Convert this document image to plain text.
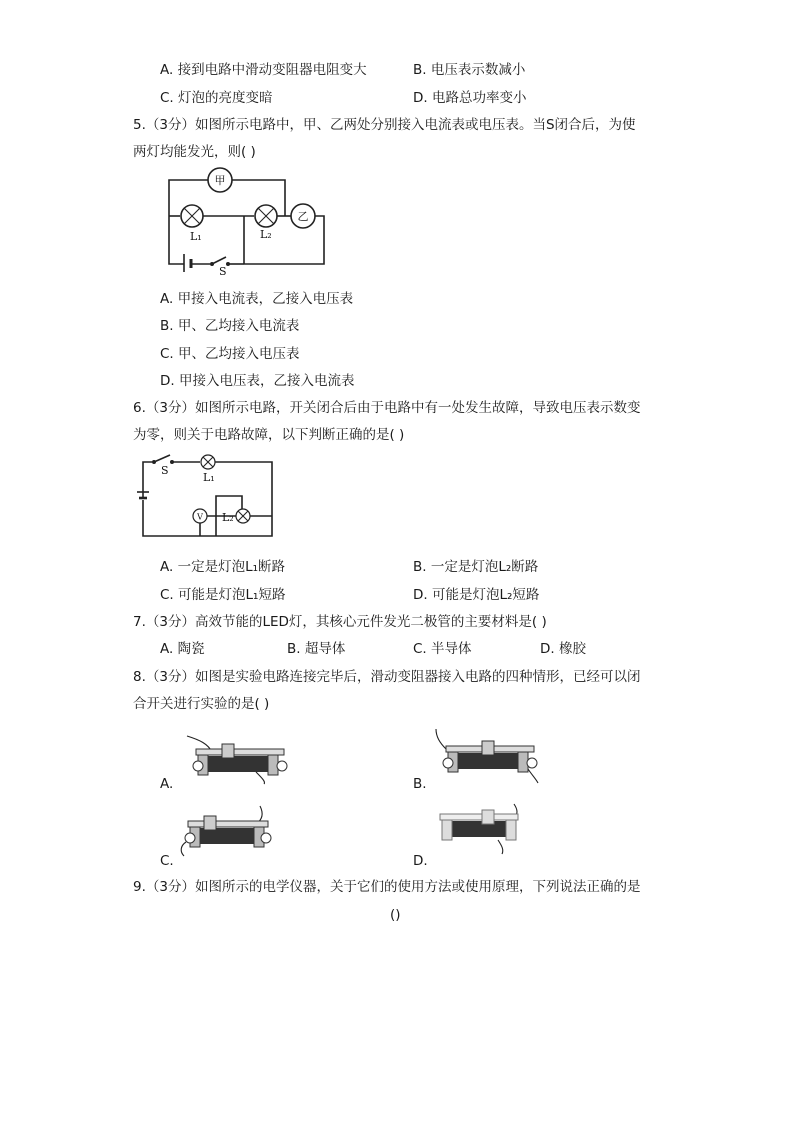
A. 接到电路中滑动变阻器电阻变大	B. 电压表示数减小
C. 灯泡的亮度变暗	D. 电路总功率变小
5.（3分）如图所示电路中，甲、乙两处分别接入电流表或电压表。当S闭合后，为使
两灯均能发光，则( )
甲
乙
L₁	L₂
S
A. 甲接入电流表，乙接入电压表
B. 甲、乙均接入电流表
C. 甲、乙均接入电压表
D. 甲接入电压表，乙接入电流表
6.（3分）如图所示电路，开关闭合后由于电路中有一处发生故障，导致电压表示数变
为零，则关于电路故障，以下判断正确的是( )
V
S
L₁
L₂
A. 一定是灯泡L₁断路	B. 一定是灯泡L₂断路
C. 可能是灯泡L₁短路	D. 可能是灯泡L₂短路
7.（3分）高效节能的LED灯，其核心元件发光二极管的主要材料是( )
A. 陶瓷	B. 超导体	C. 半导体	D. 橡胶
8.（3分）如图是实验电路连接完毕后，滑动变阻器接入电路的四种情形，已经可以闭
合开关进行实验的是( )
A.	B.
C.	D.
9.（3分）如图所示的电学仪器，关于它们的使用方法或使用原理，下列说法正确的是
()
